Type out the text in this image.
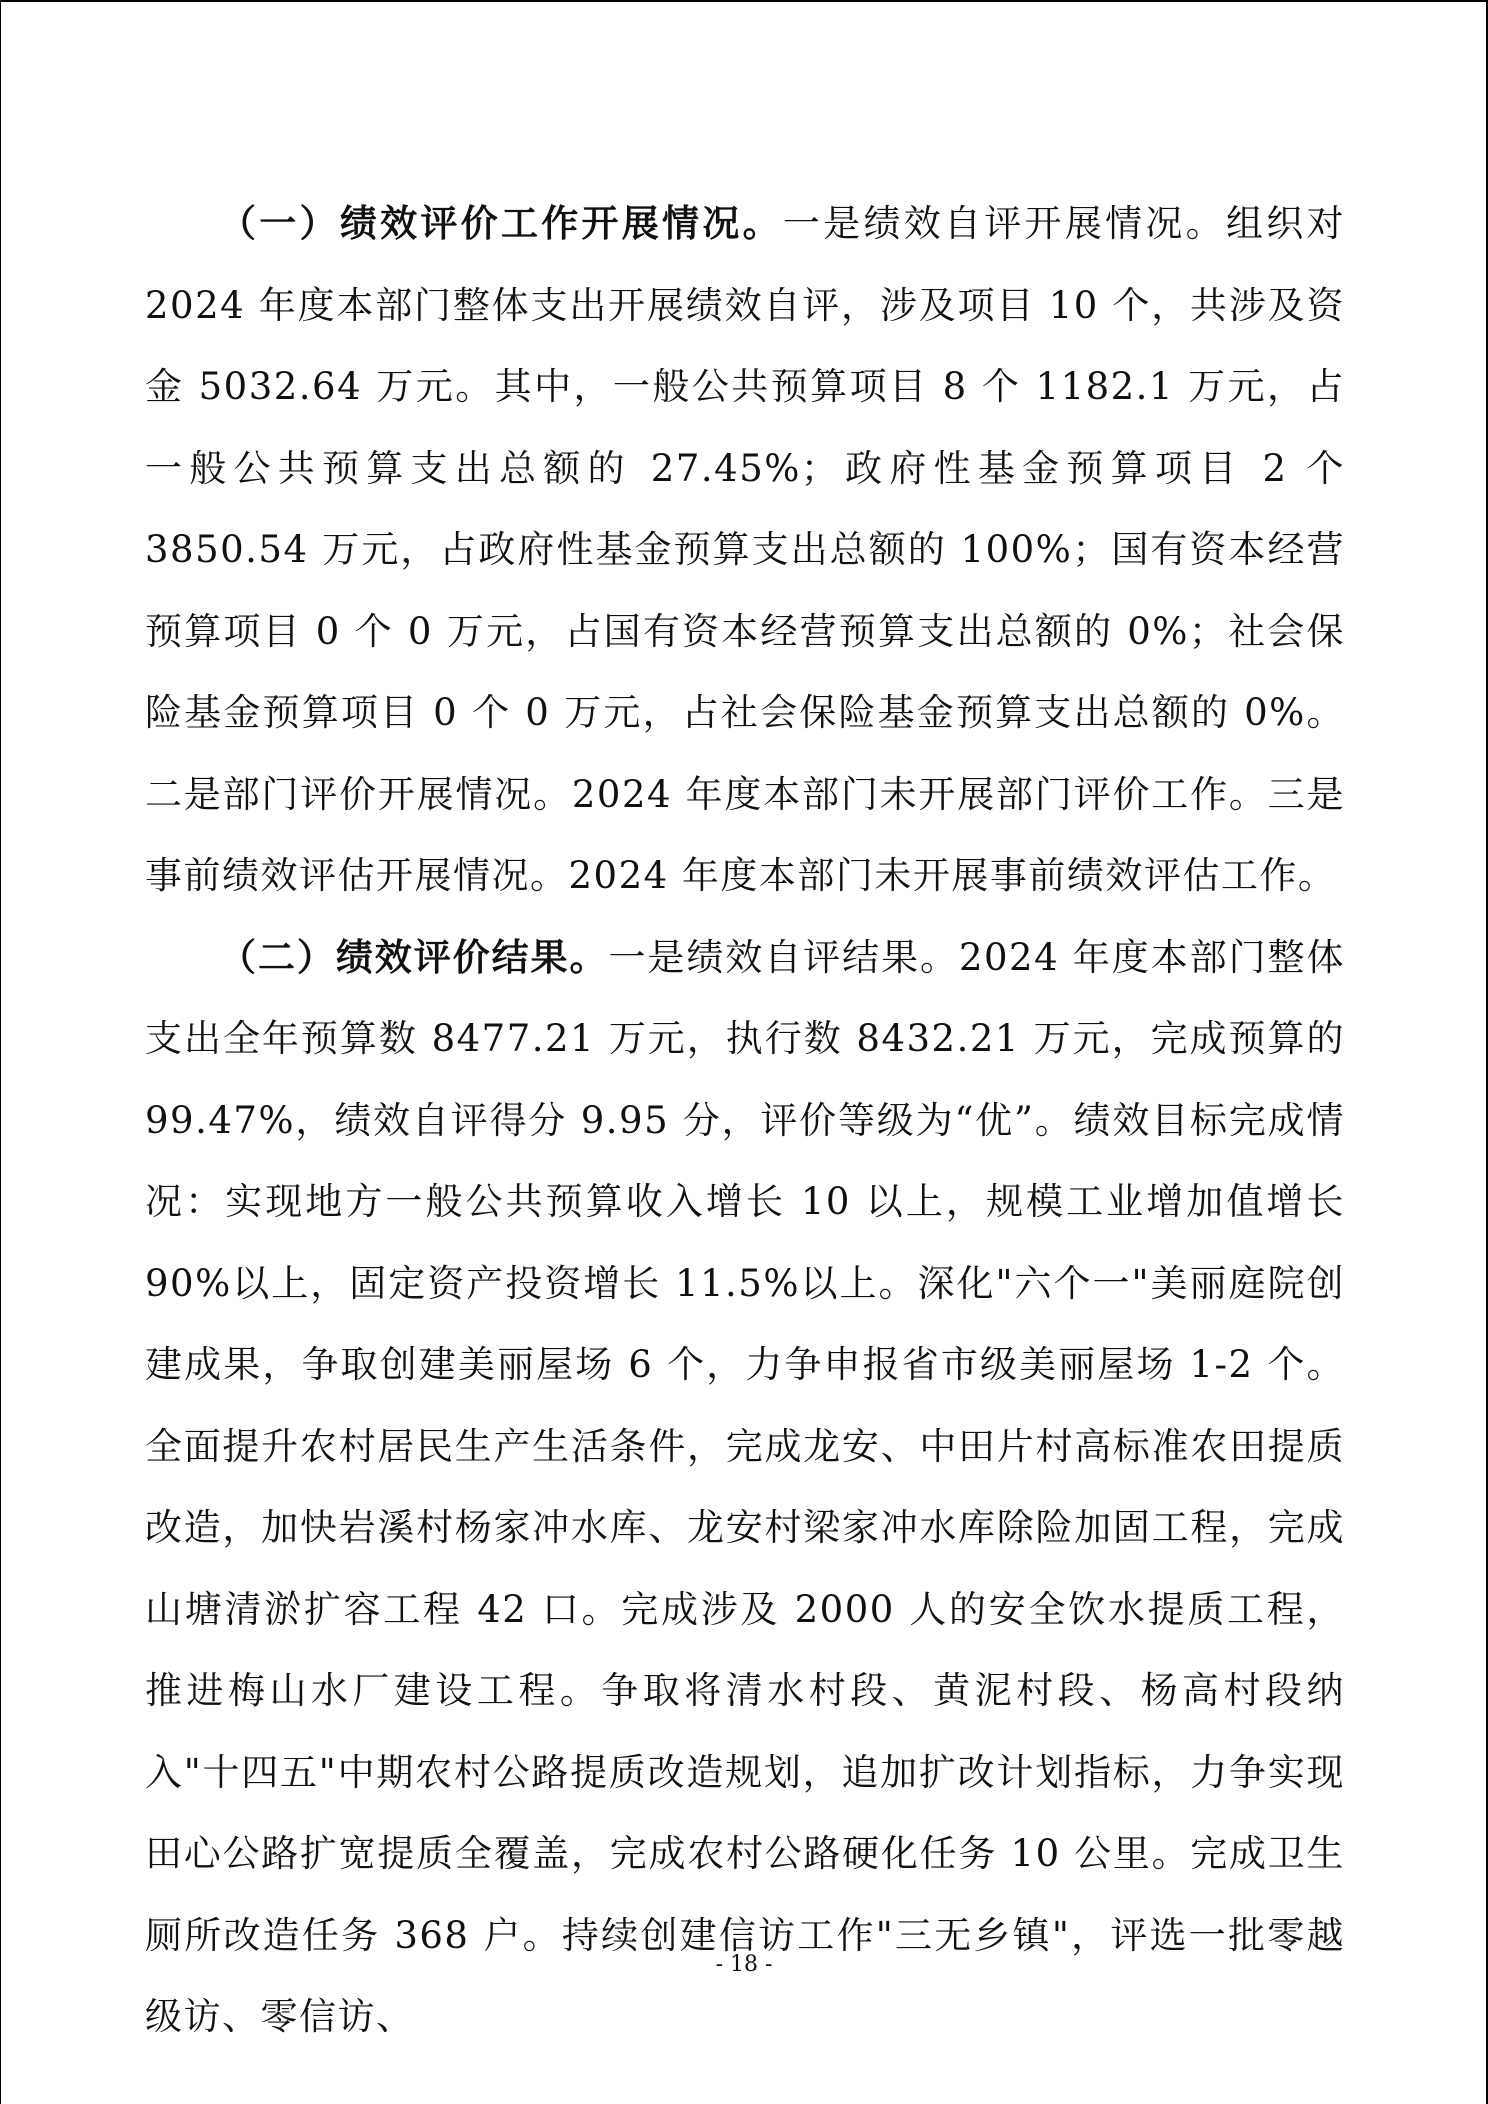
（一）绩效评价工作开展情况。一是绩效自评开展情况。组织对2024 年度本部门整体支出开展绩效自评，涉及项目 10 个，共涉及资金 5032.64 万元。其中，一般公共预算项目 8 个 1182.1 万元，占一般公共预算支出总额的 27.45%；政府性基金预算项目 2 个 3850.54 万元，占政府性基金预算支出总额的 100%；国有资本经营预算项目 0 个 0 万元，占国有资本经营预算支出总额的 0%；社会保险基金预算项目 0 个 0 万元，占社会保险基金预算支出总额的 0%。二是部门评价开展情况。2024 年度本部门未开展部门评价工作。三是事前绩效评估开展情况。2024 年度本部门未开展事前绩效评估工作。

（二）绩效评价结果。一是绩效自评结果。2024 年度本部门整体支出全年预算数 8477.21 万元，执行数 8432.21 万元，完成预算的 99.47%，绩效自评得分 9.95 分，评价等级为“优”。绩效目标完成情况：实现地方一般公共预算收入增长 10 以上，规模工业增加值增长 90%以上，固定资产投资增长 11.5%以上。深化"六个一"美丽庭院创建成果，争取创建美丽屋场 6 个，力争申报省市级美丽屋场 1-2 个。全面提升农村居民生产生活条件，完成龙安、中田片村高标准农田提质改造，加快岩溪村杨家冲水库、龙安村梁家冲水库除险加固工程，完成山塘清淤扩容工程 42 口。完成涉及 2000 人的安全饮水提质工程，推进梅山水厂建设工程。争取将清水村段、黄泥村段、杨高村段纳入"十四五"中期农村公路提质改造规划，追加扩改计划指标，力争实现田心公路扩宽提质全覆盖，完成农村公路硬化任务 10 公里。完成卫生厕所改造任务 368 户。持续创建信访工作"三无乡镇"，评选一批零越级访、零信访、

- 18 -
